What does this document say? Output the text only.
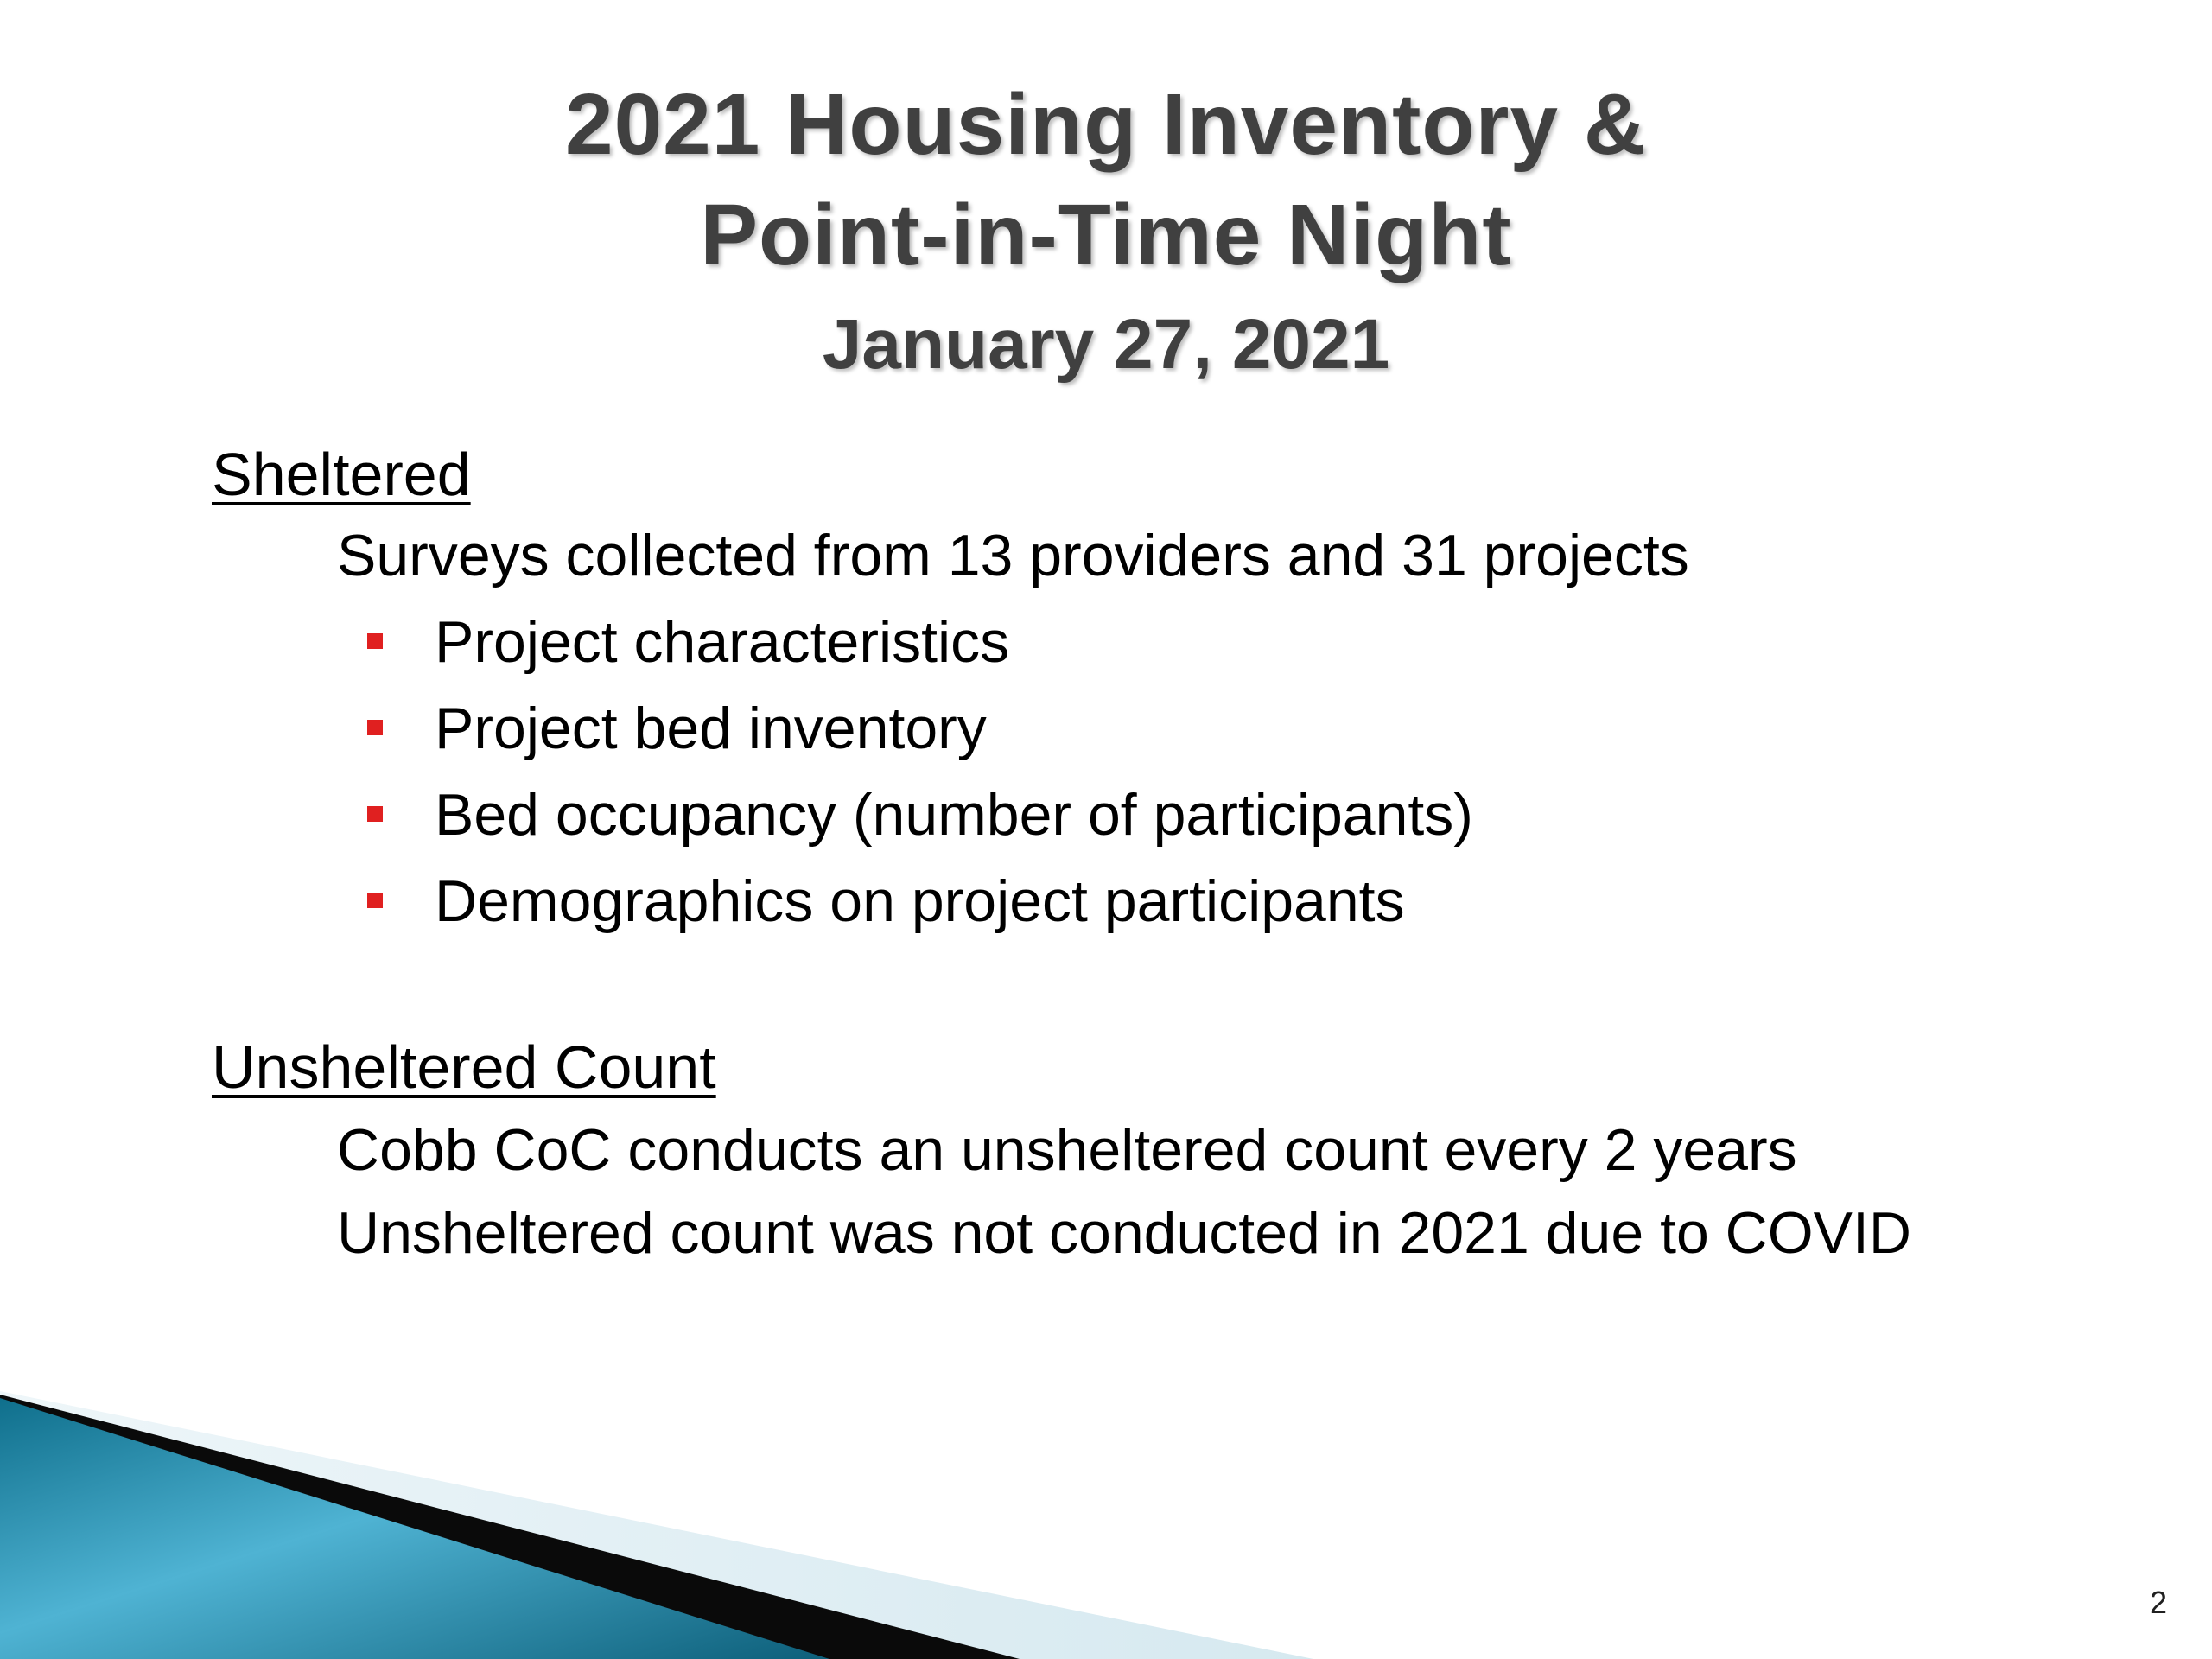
2021 Housing Inventory &
Point-in-Time Night
January 27, 2021
Sheltered
Surveys collected from 13 providers and 31 projects
Project characteristics
Project bed inventory
Bed occupancy (number of participants)
Demographics on project participants
Unsheltered Count
Cobb CoC conducts an unsheltered count every 2 years
Unsheltered count was not conducted in 2021 due to COVID
2
